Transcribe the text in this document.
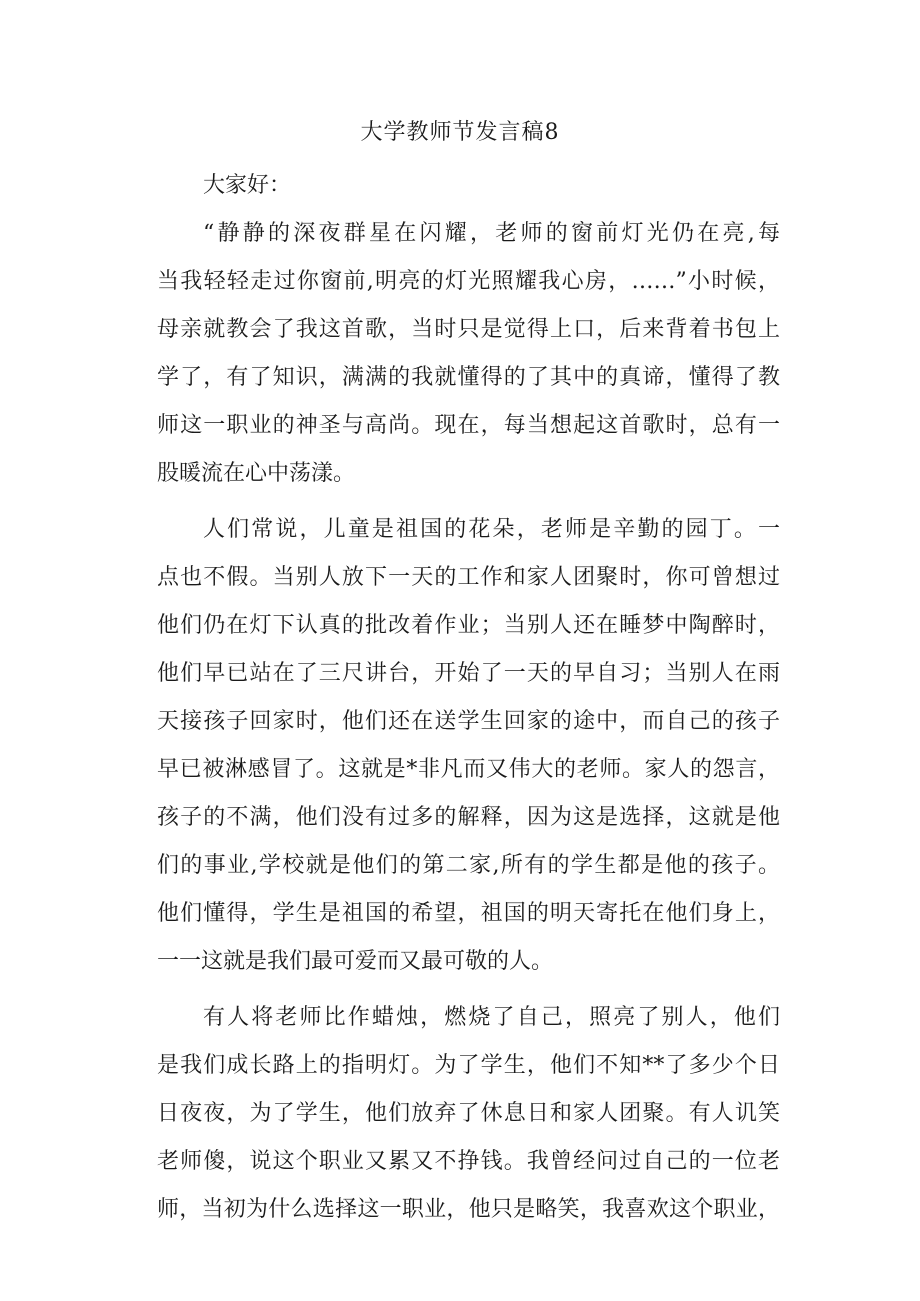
大学教师节发言稿8
大家好：
“静静的深夜群星在闪耀，老师的窗前灯光仍在亮,每
当我轻轻走过你窗前,明亮的灯光照耀我心房，……”小时候，
母亲就教会了我这首歌，当时只是觉得上口，后来背着书包上
学了，有了知识，满满的我就懂得的了其中的真谛，懂得了教
师这一职业的神圣与高尚。现在，每当想起这首歌时，总有一
股暖流在心中荡漾。
人们常说，儿童是祖国的花朵，老师是辛勤的园丁。一
点也不假。当别人放下一天的工作和家人团聚时，你可曾想过
他们仍在灯下认真的批改着作业；当别人还在睡梦中陶醉时，
他们早已站在了三尺讲台，开始了一天的早自习；当别人在雨
天接孩子回家时，他们还在送学生回家的途中，而自己的孩子
早已被淋感冒了。这就是*非凡而又伟大的老师。家人的怨言，
孩子的不满，他们没有过多的解释，因为这是选择，这就是他
们的事业,学校就是他们的第二家,所有的学生都是他的孩子。
他们懂得，学生是祖国的希望，祖国的明天寄托在他们身上，
一一这就是我们最可爱而又最可敬的人。
有人将老师比作蜡烛，燃烧了自己，照亮了别人，他们
是我们成长路上的指明灯。为了学生，他们不知**了多少个日
日夜夜，为了学生，他们放弃了休息日和家人团聚。有人讥笑
老师傻，说这个职业又累又不挣钱。我曾经问过自己的一位老
师，当初为什么选择这一职业，他只是略笑，我喜欢这个职业，
